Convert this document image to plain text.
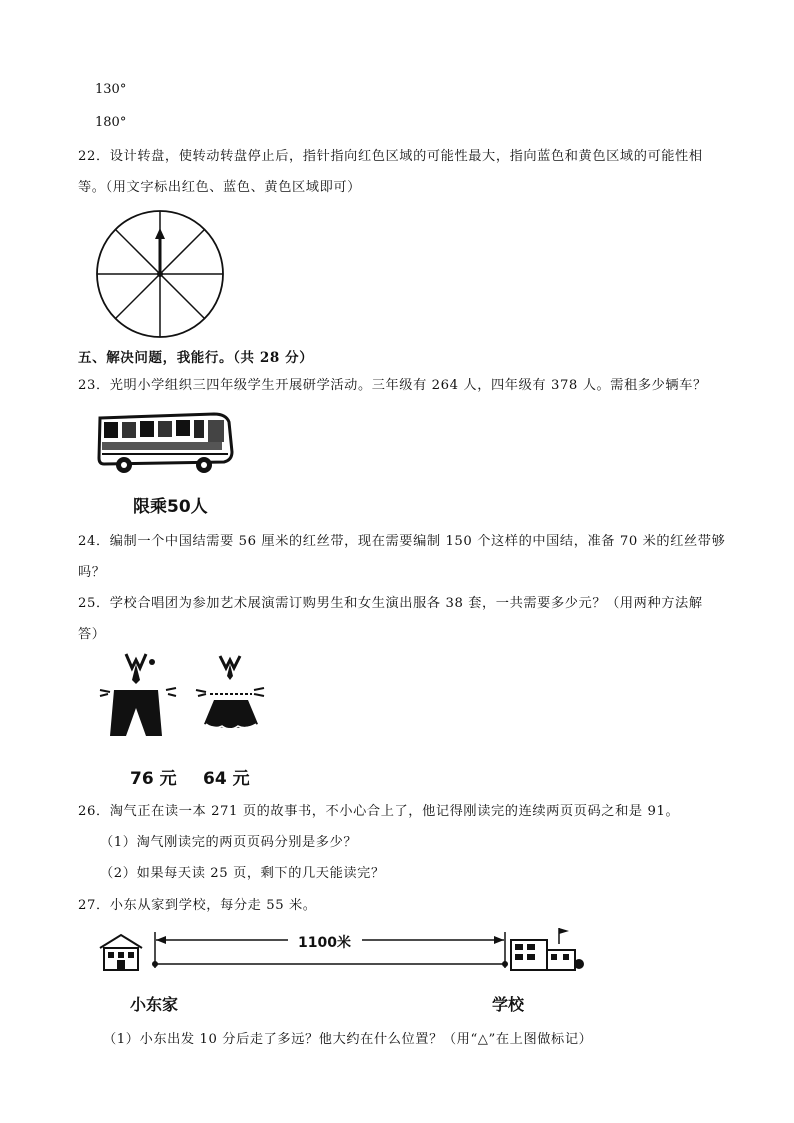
130°
180°
22．设计转盘，使转动转盘停止后，指针指向红色区域的可能性最大，指向蓝色和黄色区域的可能性相
等。（用文字标出红色、蓝色、黄色区域即可）
五、解决问题，我能行。（共 28 分）
23．光明小学组织三四年级学生开展研学活动。三年级有 264 人，四年级有 378 人。需租多少辆车？
限乘50人
24．编制一个中国结需要 56 厘米的红丝带，现在需要编制 150 个这样的中国结，准备 70 米的红丝带够
吗？
25．学校合唱团为参加艺术展演需订购男生和女生演出服各 38 套，一共需要多少元？（用两种方法解
答）
76 元 64 元
26．淘气正在读一本 271 页的故事书，不小心合上了，他记得刚读完的连续两页页码之和是 91。
（1）淘气刚读完的两页页码分别是多少？
（2）如果每天读 25 页，剩下的几天能读完？
27．小东从家到学校，每分走 55 米。
1100米
小东家	学校
（1）小东出发 10 分后走了多远？他大约在什么位置？（用“△”在上图做标记）
